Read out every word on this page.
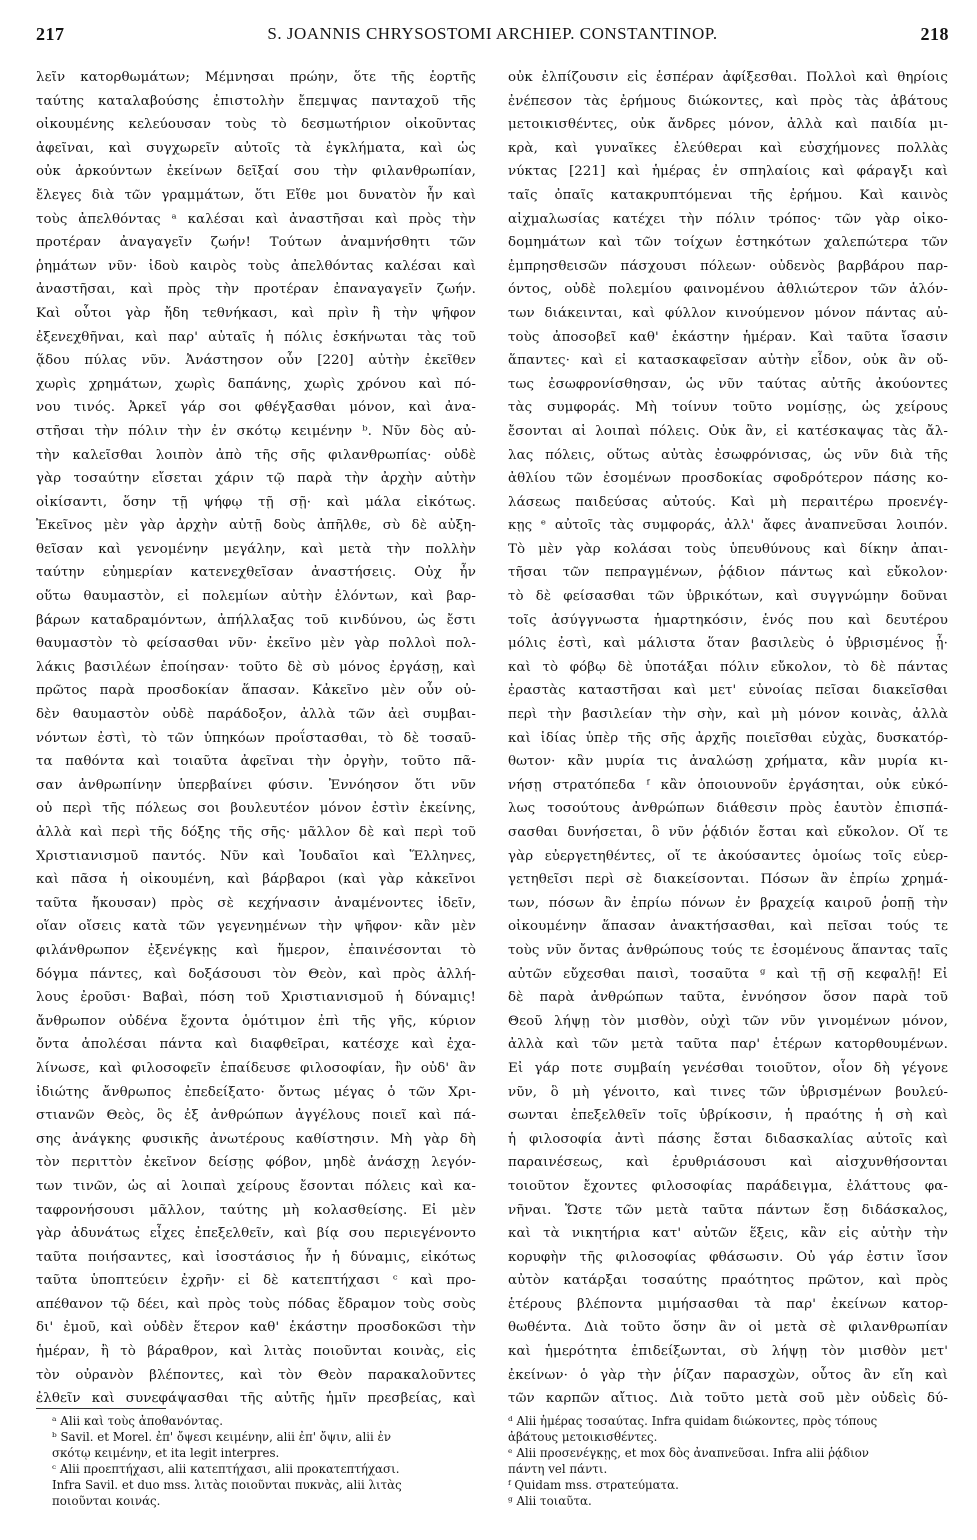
217	S. JOANNIS CHRYSOSTOMI ARCHIEP. CONSTANTINOP.	218
λεῖν κατορθωμάτων; Μέμνησαι πρώην, ὅτε τῆς ἑορτῆς
ταύτης καταλαβούσης ἐπιστολὴν ἔπεμψας πανταχοῦ τῆς
οἰκουμένης κελεύουσαν τοὺς τὸ δεσμωτήριον οἰκοῦντας
ἀφεῖναι, καὶ συγχωρεῖν αὐτοῖς τὰ ἐγκλήματα, καὶ ὡς
οὐκ ἀρκούντων ἐκείνων δεῖξαί σου τὴν φιλανθρωπίαν,
ἔλεγες διὰ τῶν γραμμάτων, ὅτι Εἴθε μοι δυνατὸν ἦν καὶ
τοὺς ἀπελθόντας ᵃ καλέσαι καὶ ἀναστῆσαι καὶ πρὸς τὴν
προτέραν ἀναγαγεῖν ζωήν! Τούτων ἀναμνήσθητι τῶν
ῥημάτων νῦν· ἰδοὺ καιρὸς τοὺς ἀπελθόντας καλέσαι καὶ
ἀναστῆσαι, καὶ πρὸς τὴν προτέραν ἐπαναγαγεῖν ζωήν.
Καὶ οὗτοι γὰρ ἤδη τεθνήκασι, καὶ πρὶν ἢ τὴν ψῆφον
ἐξενεχθῆναι, καὶ παρ' αὐταῖς ἡ πόλις ἐσκήνωται τὰς τοῦ
ᾅδου πύλας νῦν. Ἀνάστησον οὖν [220] αὐτὴν ἐκεῖθεν
χωρὶς χρημάτων, χωρὶς δαπάνης, χωρὶς χρόνου καὶ πό-
νου τινός. Ἀρκεῖ γάρ σοι φθέγξασθαι μόνον, καὶ ἀνα-
στῆσαι τὴν πόλιν τὴν ἐν σκότῳ κειμένην ᵇ. Νῦν δὸς αὐ-
τὴν καλεῖσθαι λοιπὸν ἀπὸ τῆς σῆς φιλανθρωπίας· οὐδὲ
γὰρ τοσαύτην εἴσεται χάριν τῷ παρὰ τὴν ἀρχὴν αὐτὴν
οἰκίσαντι, ὅσην τῇ ψήφῳ τῇ σῇ· καὶ μάλα εἰκότως.
Ἐκεῖνος μὲν γὰρ ἀρχὴν αὐτῇ δοὺς ἀπῆλθε, σὺ δὲ αὐξη-
θεῖσαν καὶ γενομένην μεγάλην, καὶ μετὰ τὴν πολλὴν
ταύτην εὐημερίαν κατενεχθεῖσαν ἀναστήσεις. Οὐχ ἦν
οὕτω θαυμαστὸν, εἰ πολεμίων αὐτὴν ἑλόντων, καὶ βαρ-
βάρων καταδραμόντων, ἀπήλλαξας τοῦ κινδύνου, ὡς ἔστι
θαυμαστὸν τὸ φείσασθαι νῦν· ἐκεῖνο μὲν γὰρ πολλοὶ πολ-
λάκις βασιλέων ἐποίησαν· τοῦτο δὲ σὺ μόνος ἐργάσῃ, καὶ
πρῶτος παρὰ προσδοκίαν ἅπασαν. Κἀκεῖνο μὲν οὖν οὐ-
δὲν θαυμαστὸν οὐδὲ παράδοξον, ἀλλὰ τῶν ἀεὶ συμβαι-
νόντων ἐστὶ, τὸ τῶν ὑπηκόων προΐστασθαι, τὸ δὲ τοσαῦ-
τα παθόντα καὶ τοιαῦτα ἀφεῖναι τὴν ὀργὴν, τοῦτο πᾶ-
σαν ἀνθρωπίνην ὑπερβαίνει φύσιν. Ἐννόησον ὅτι νῦν
οὐ περὶ τῆς πόλεως σοι βουλευτέον μόνον ἐστὶν ἐκείνης,
ἀλλὰ καὶ περὶ τῆς δόξης τῆς σῆς· μᾶλλον δὲ καὶ περὶ τοῦ
Χριστιανισμοῦ παντός. Νῦν καὶ Ἰουδαῖοι καὶ Ἕλληνες,
καὶ πᾶσα ἡ οἰκουμένη, καὶ βάρβαροι (καὶ γὰρ κἀκεῖνοι
ταῦτα ἤκουσαν) πρὸς σὲ κεχήνασιν ἀναμένοντες ἰδεῖν,
οἵαν οἴσεις κατὰ τῶν γεγενημένων τὴν ψῆφον· κἂν μὲν
φιλάνθρωπον ἐξενέγκῃς καὶ ἥμερον, ἐπαινέσονται τὸ
δόγμα πάντες, καὶ δοξάσουσι τὸν Θεὸν, καὶ πρὸς ἀλλή-
λους ἐροῦσι· Βαβαὶ, πόση τοῦ Χριστιανισμοῦ ἡ δύναμις!
ἄνθρωπον οὐδένα ἔχοντα ὁμότιμον ἐπὶ τῆς γῆς, κύριον
ὄντα ἀπολέσαι πάντα καὶ διαφθεῖραι, κατέσχε καὶ ἐχα-
λίνωσε, καὶ φιλοσοφεῖν ἐπαίδευσε φιλοσοφίαν, ἣν οὐδ' ἂν
ἰδιώτης ἄνθρωπος ἐπεδείξατο· ὄντως μέγας ὁ τῶν Χρι-
στιανῶν Θεὸς, ὃς ἐξ ἀνθρώπων ἀγγέλους ποιεῖ καὶ πά-
σης ἀνάγκης φυσικῆς ἀνωτέρους καθίστησιν. Μὴ γὰρ δὴ
τὸν περιττὸν ἐκεῖνον δείσῃς φόβον, μηδὲ ἀνάσχῃ λεγόν-
των τινῶν, ὡς αἱ λοιπαὶ χείρους ἔσονται πόλεις καὶ κα-
ταφρονήσουσι μᾶλλον, ταύτης μὴ κολασθείσης. Εἰ μὲν
γὰρ ἀδυνάτως εἶχες ἐπεξελθεῖν, καὶ βίᾳ σου περιεγένοντο
ταῦτα ποιήσαντες, καὶ ἰσοστάσιος ἦν ἡ δύναμις, εἰκότως
ταῦτα ὑποπτεύειν ἐχρῆν· εἰ δὲ κατεπτήχασι ᶜ καὶ προ-
απέθανον τῷ δέει, καὶ πρὸς τοὺς πόδας ἔδραμον τοὺς σοὺς
δι' ἐμοῦ, καὶ οὐδὲν ἕτερον καθ' ἑκάστην προσδοκῶσι τὴν
ἡμέραν, ἢ τὸ βάραθρον, καὶ λιτὰς ποιοῦνται κοινὰς, εἰς
τὸν οὐρανὸν βλέποντες, καὶ τὸν Θεὸν παρακαλοῦντες
ἐλθεῖν καὶ συνεφάψασθαι τῆς αὐτῆς ἡμῖν πρεσβείας, καὶ
οὐκ ἐλπίζουσιν εἰς ἑσπέραν ἀφίξεσθαι. Πολλοὶ καὶ θηρίοις
ἐνέπεσον τὰς ἐρήμους διώκοντες, καὶ πρὸς τὰς ἀβάτους
μετοικισθέντες, οὐκ ἄνδρες μόνον, ἀλλὰ καὶ παιδία μι-
κρὰ, καὶ γυναῖκες ἐλεύθεραι καὶ εὐσχήμονες πολλὰς
νύκτας [221] καὶ ἡμέρας ἐν σπηλαίοις καὶ φάραγξι καὶ
ταῖς ὀπαῖς κατακρυπτόμεναι τῆς ἐρήμου. Καὶ καινὸς
αἰχμαλωσίας κατέχει τὴν πόλιν τρόπος· τῶν γὰρ οἰκο-
δομημάτων καὶ τῶν τοίχων ἑστηκότων χαλεπώτερα τῶν
ἐμπρησθεισῶν πάσχουσι πόλεων· οὐδενὸς βαρβάρου παρ-
όντος, οὐδὲ πολεμίου φαινομένου ἀθλιώτερον τῶν ἁλόν-
των διάκεινται, καὶ φύλλον κινούμενον μόνον πάντας αὐ-
τοὺς ἀποσοβεῖ καθ' ἑκάστην ἡμέραν. Καὶ ταῦτα ἴσασιν
ἅπαντες· καὶ εἰ κατασκαφεῖσαν αὐτὴν εἶδον, οὐκ ἂν οὔ-
τως ἐσωφρονίσθησαν, ὡς νῦν ταύτας αὐτῆς ἀκούοντες
τὰς συμφοράς. Μὴ τοίνυν τοῦτο νομίσῃς, ὡς χείρους
ἔσονται αἱ λοιπαὶ πόλεις. Οὐκ ἂν, εἰ κατέσκαψας τὰς ἄλ-
λας πόλεις, οὕτως αὐτὰς ἐσωφρόνισας, ὡς νῦν διὰ τῆς
ἀθλίου τῶν ἐσομένων προσδοκίας σφοδρότερον πάσης κο-
λάσεως παιδεύσας αὐτούς. Καὶ μὴ περαιτέρω προενέγ-
κῃς ᵉ αὐτοῖς τὰς συμφοράς, ἀλλ' ἄφες ἀναπνεῦσαι λοιπόν.
Τὸ μὲν γὰρ κολάσαι τοὺς ὑπευθύνους καὶ δίκην ἀπαι-
τῆσαι τῶν πεπραγμένων, ῥᾴδιον πάντως καὶ εὔκολον·
τὸ δὲ φείσασθαι τῶν ὑβρικότων, καὶ συγγνώμην δοῦναι
τοῖς ἀσύγγνωστα ἡμαρτηκόσιν, ἑνός που καὶ δευτέρου
μόλις ἐστὶ, καὶ μάλιστα ὅταν βασιλεὺς ὁ ὑβρισμένος ᾖ·
καὶ τὸ φόβῳ δὲ ὑποτάξαι πόλιν εὔκολον, τὸ δὲ πάντας
ἐραστὰς καταστῆσαι καὶ μετ' εὐνοίας πεῖσαι διακεῖσθαι
περὶ τὴν βασιλείαν τὴν σὴν, καὶ μὴ μόνον κοινὰς, ἀλλὰ
καὶ ἰδίας ὑπὲρ τῆς σῆς ἀρχῆς ποιεῖσθαι εὐχὰς, δυσκατόρ-
θωτον· κἂν μυρία τις ἀναλώσῃ χρήματα, κἂν μυρία κι-
νήσῃ στρατόπεδα ᶠ κἂν ὁποιουνοῦν ἐργάσηται, οὐκ εὐκό-
λως τοσούτους ἀνθρώπων διάθεσιν πρὸς ἑαυτὸν ἐπισπά-
σασθαι δυνήσεται, ὃ νῦν ῥᾴδιόν ἔσται καὶ εὔκολον. Οἵ τε
γὰρ εὐεργετηθέντες, οἵ τε ἀκούσαντες ὁμοίως τοῖς εὐερ-
γετηθεῖσι περὶ σὲ διακείσονται. Πόσων ἂν ἐπρίω χρημά-
των, πόσων ἂν ἐπρίω πόνων ἐν βραχείᾳ καιροῦ ῥοπῇ τὴν
οἰκουμένην ἅπασαν ἀνακτήσασθαι, καὶ πεῖσαι τούς τε
τοὺς νῦν ὄντας ἀνθρώπους τούς τε ἐσομένους ἅπαντας ταῖς
αὐτῶν εὔχεσθαι παισὶ, τοσαῦτα ᵍ καὶ τῇ σῇ κεφαλῇ! Εἰ
δὲ παρὰ ἀνθρώπων ταῦτα, ἐννόησον ὅσον παρὰ τοῦ
Θεοῦ λήψῃ τὸν μισθὸν, οὐχὶ τῶν νῦν γινομένων μόνον,
ἀλλὰ καὶ τῶν μετὰ ταῦτα παρ' ἑτέρων κατορθουμένων.
Εἰ γάρ ποτε συμβαίη γενέσθαι τοιοῦτον, οἷον δὴ γέγονε
νῦν, ὃ μὴ γένοιτο, καὶ τινες τῶν ὑβρισμένων βουλεύ-
σωνται ἐπεξελθεῖν τοῖς ὑβρίκοσιν, ἡ πραότης ἡ σὴ καὶ
ἡ φιλοσοφία ἀντὶ πάσης ἔσται διδασκαλίας αὐτοῖς καὶ
παραινέσεως, καὶ ἐρυθριάσουσι καὶ αἰσχυνθήσονται
τοιοῦτον ἔχοντες φιλοσοφίας παράδειγμα, ἐλάττους φα-
νῆναι. Ὥστε τῶν μετὰ ταῦτα πάντων ἔσῃ διδάσκαλος,
καὶ τὰ νικητήρια κατ' αὐτῶν ἕξεις, κἂν εἰς αὐτὴν τὴν
κορυφὴν τῆς φιλοσοφίας φθάσωσιν. Οὐ γάρ ἐστιν ἴσον
αὐτὸν κατάρξαι τοσαύτης πραότητος πρῶτον, καὶ πρὸς
ἑτέρους βλέποντα μιμήσασθαι τὰ παρ' ἐκείνων κατορ-
θωθέντα. Διὰ τοῦτο ὅσην ἂν οἱ μετὰ σὲ φιλανθρωπίαν
καὶ ἡμερότητα ἐπιδείξωνται, σὺ λήψῃ τὸν μισθὸν μετ'
ἐκείνων· ὁ γὰρ τὴν ῥίζαν παρασχὼν, οὗτος ἂν εἴη καὶ
τῶν καρπῶν αἴτιος. Διὰ τοῦτο μετὰ σοῦ μὲν οὐδεὶς δύ-
ᵃ Alii καὶ τοὺς ἀποθανόντας.
ᵇ Savil. et Morel. ἐπ' ὄψεσι κειμένην, alii ἐπ' ὄψιν, alii ἐν
σκότῳ κειμένην, et ita legit interpres.
ᶜ Alii προεπτήχασι, alii κατεπτήχασι, alii προκατεπτήχασι.
Infra Savil. et duo mss. λιτὰς ποιοῦνται πυκνὰς, alii λιτὰς
ποιοῦνται κοινάς.
ᵈ Alii ἡμέρας τοσαύτας. Infra quidam διώκοντες, πρὸς τόπους
ἀβάτους μετοικισθέντες.
ᵉ Alii προσενέγκῃς, et mox δὸς ἀναπνεῦσαι. Infra alii ῥᾴδιον
πάντη vel πάντι.
ᶠ Quidam mss. στρατεύματα.
ᵍ Alii τοιαῦτα.
